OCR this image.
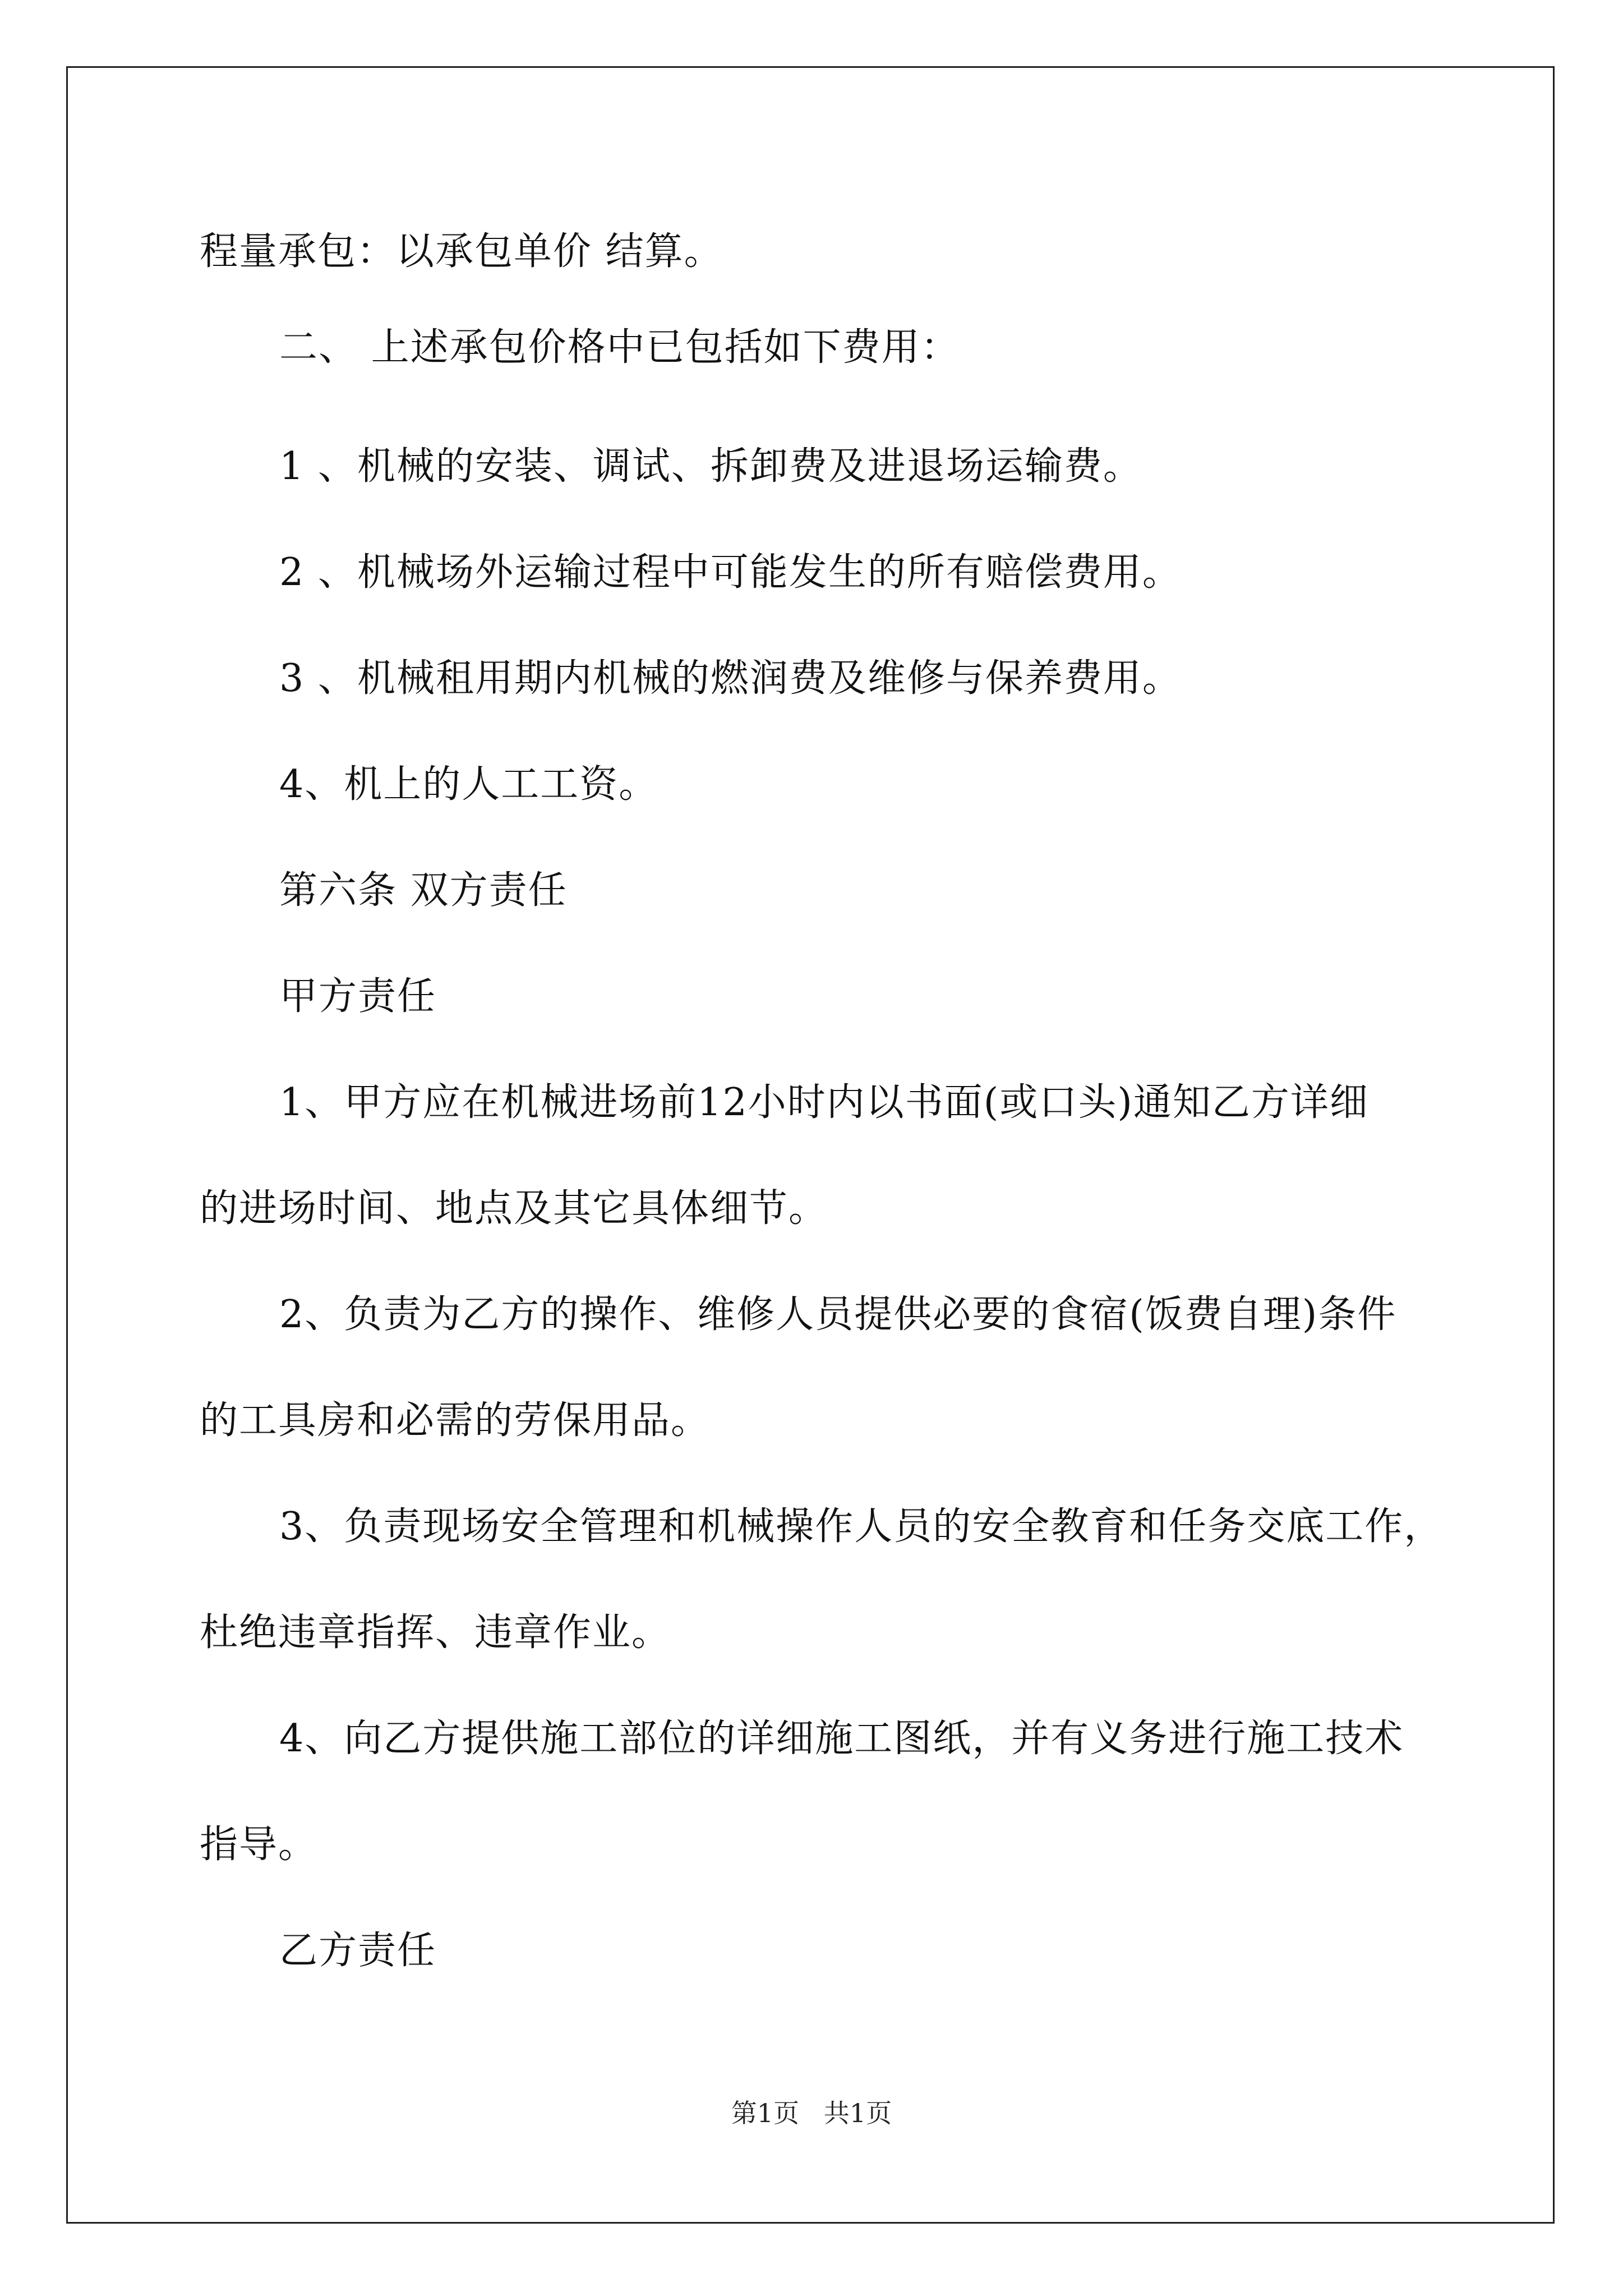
程量承包：以承包单价 结算。
二、 上述承包价格中已包括如下费用：
1 、机械的安装、调试、拆卸费及进退场运输费。
2 、机械场外运输过程中可能发生的所有赔偿费用。
3 、机械租用期内机械的燃润费及维修与保养费用。
4、机上的人工工资。
第六条 双方责任
甲方责任
1、甲方应在机械进场前12小时内以书面(或口头)通知乙方详细
的进场时间、地点及其它具体细节。
2、负责为乙方的操作、维修人员提供必要的食宿(饭费自理)条件
的工具房和必需的劳保用品。
3、负责现场安全管理和机械操作人员的安全教育和任务交底工作，
杜绝违章指挥、违章作业。
4、向乙方提供施工部位的详细施工图纸，并有义务进行施工技术
指导。
乙方责任
第1页   共1页
